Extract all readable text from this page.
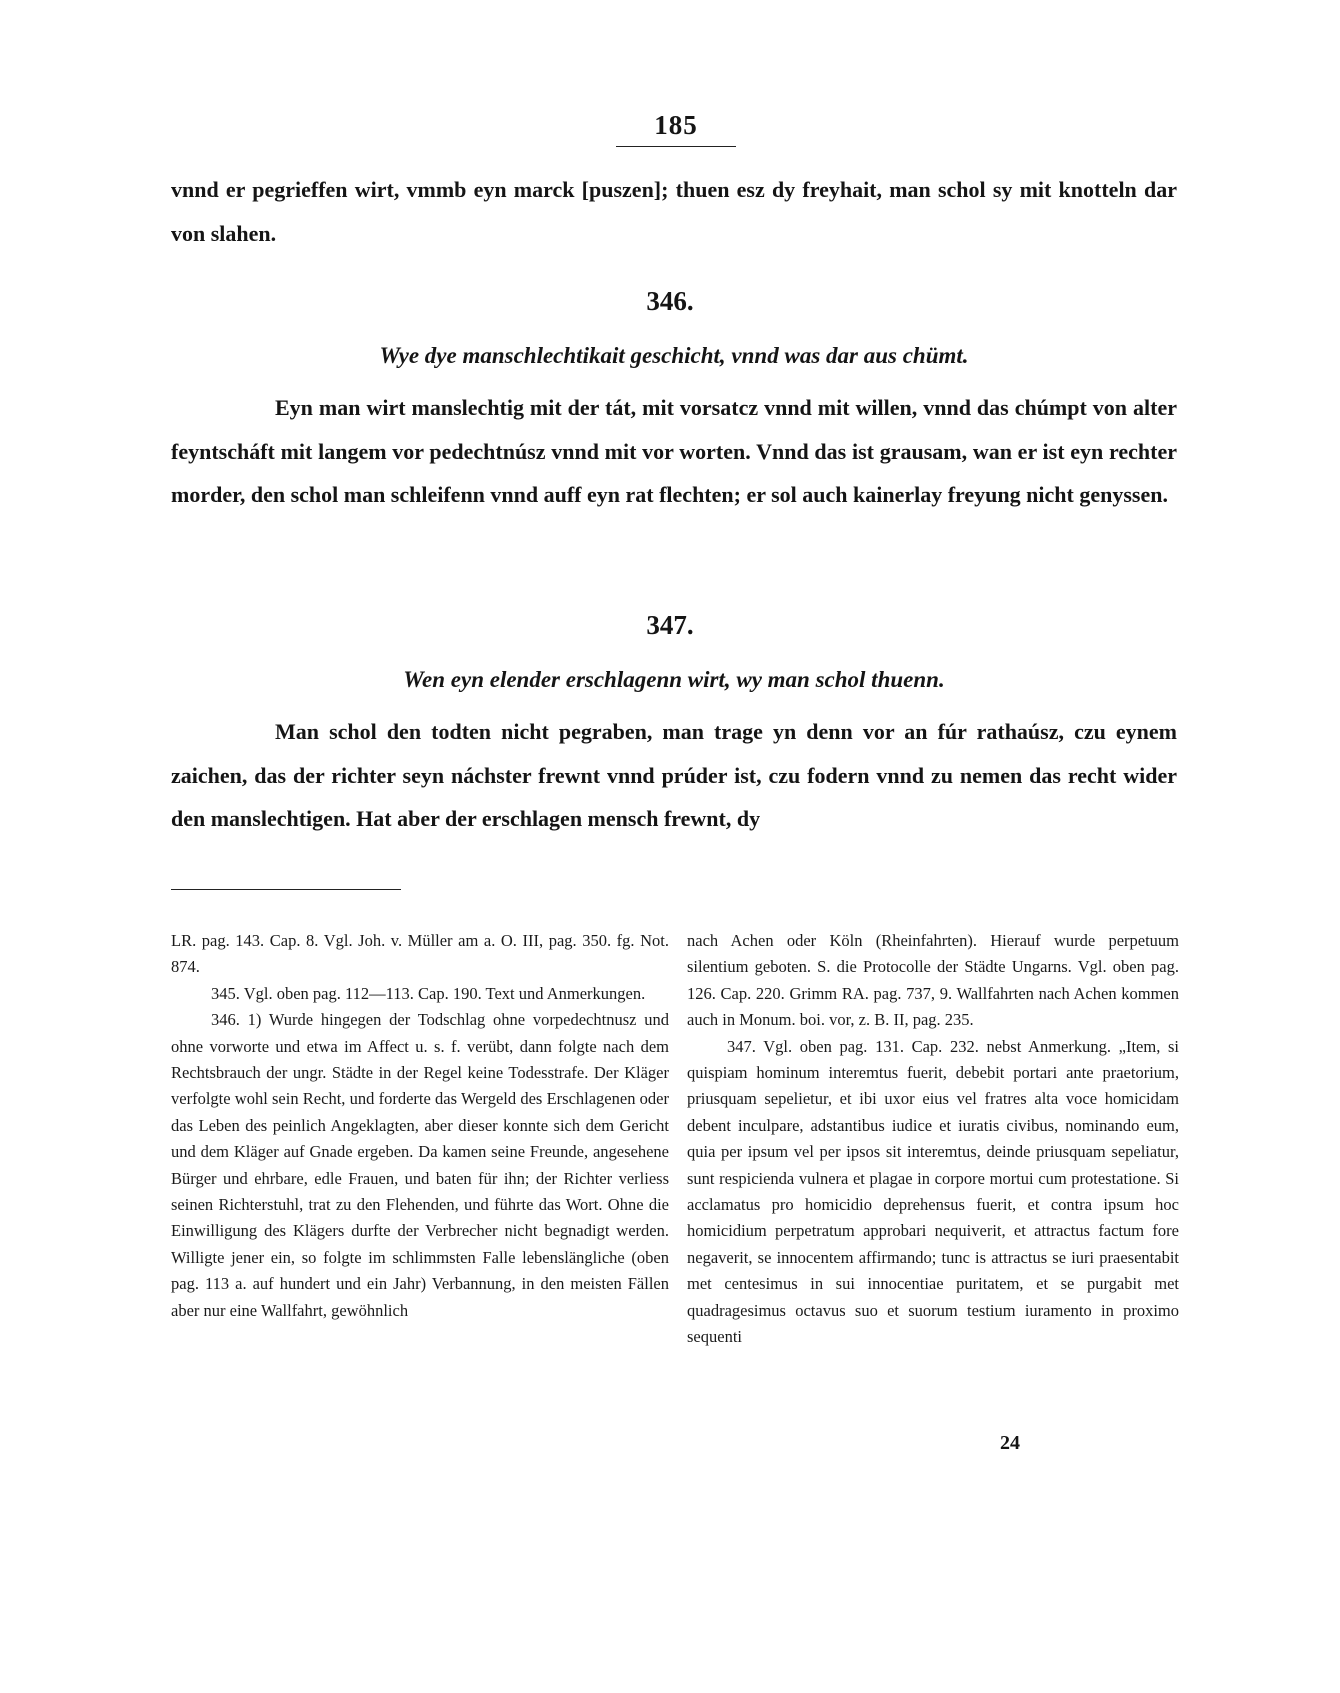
185

vnnd er pegrieffen wirt, vmmb eyn marck [puszen]; thuen esz dy freyhait, man schol sy mit knotteln dar von slahen.

346.
Wye dye manschlechtikait geschicht, vnnd was dar aus chümt.

Eyn man wirt manslechtig mit der tát, mit vorsatcz vnnd mit willen, vnnd das chúmpt von alter feyntscháft mit langem vor pedechtnúsz vnnd mit vor worten. Vnnd das ist grausam, wan er ist eyn rechter morder, den schol man schleifenn vnnd auff eyn rat flechten; er sol auch kainerlay freyung nicht genyssen.

347.
Wen eyn elender erschlagenn wirt, wy man schol thuenn.

Man schol den todten nicht pegraben, man trage yn denn vor an fúr rathaúsz, czu eynem zaichen, das der richter seyn náchster frewnt vnnd prúder ist, czu fodern vnnd zu nemen das recht wider den manslechtigen. Hat aber der erschlagen mensch frewnt, dy

LR. pag. 143. Cap. 8. Vgl. Joh. v. Müller am a. O. III, pag. 350. fg. Not. 874.

345. Vgl. oben pag. 112—113. Cap. 190. Text und Anmerkungen.

346. 1) Wurde hingegen der Todschlag ohne vorpedechtnusz und ohne vorworte und etwa im Affect u. s. f. verübt, dann folgte nach dem Rechtsbrauch der ungr. Städte in der Regel keine Todesstrafe. Der Kläger verfolgte wohl sein Recht, und forderte das Wergeld des Erschlagenen oder das Leben des peinlich Angeklagten, aber dieser konnte sich dem Gericht und dem Kläger auf Gnade ergeben. Da kamen seine Freunde, angesehene Bürger und ehrbare, edle Frauen, und baten für ihn; der Richter verliess seinen Richterstuhl, trat zu den Flehenden, und führte das Wort. Ohne die Einwilligung des Klägers durfte der Verbrecher nicht begnadigt werden. Willigte jener ein, so folgte im schlimmsten Falle lebenslängliche (oben pag. 113 a. auf hundert und ein Jahr) Verbannung, in den meisten Fällen aber nur eine Wallfahrt, gewöhnlich

nach Achen oder Köln (Rheinfahrten). Hierauf wurde perpetuum silentium geboten. S. die Protocolle der Städte Ungarns. Vgl. oben pag. 126. Cap. 220. Grimm RA. pag. 737, 9. Wallfahrten nach Achen kommen auch in Monum. boi. vor, z. B. II, pag. 235.

347. Vgl. oben pag. 131. Cap. 232. nebst Anmerkung. „Item, si quispiam hominum interemtus fuerit, debebit portari ante praetorium, priusquam sepelietur, et ibi uxor eius vel fratres alta voce homicidam debent inculpare, adstantibus iudice et iuratis civibus, nominando eum, quia per ipsum vel per ipsos sit interemtus, deinde priusquam sepeliatur, sunt respicienda vulnera et plagae in corpore mortui cum protestatione. Si acclamatus pro homicidio deprehensus fuerit, et contra ipsum hoc homicidium perpetratum approbari nequiverit, et attractus factum fore negaverit, se innocentem affirmando; tunc is attractus se iuri praesentabit met centesimus in sui innocentiae puritatem, et se purgabit met quadragesimus octavus suo et suorum testium iuramento in proximo sequenti

24
